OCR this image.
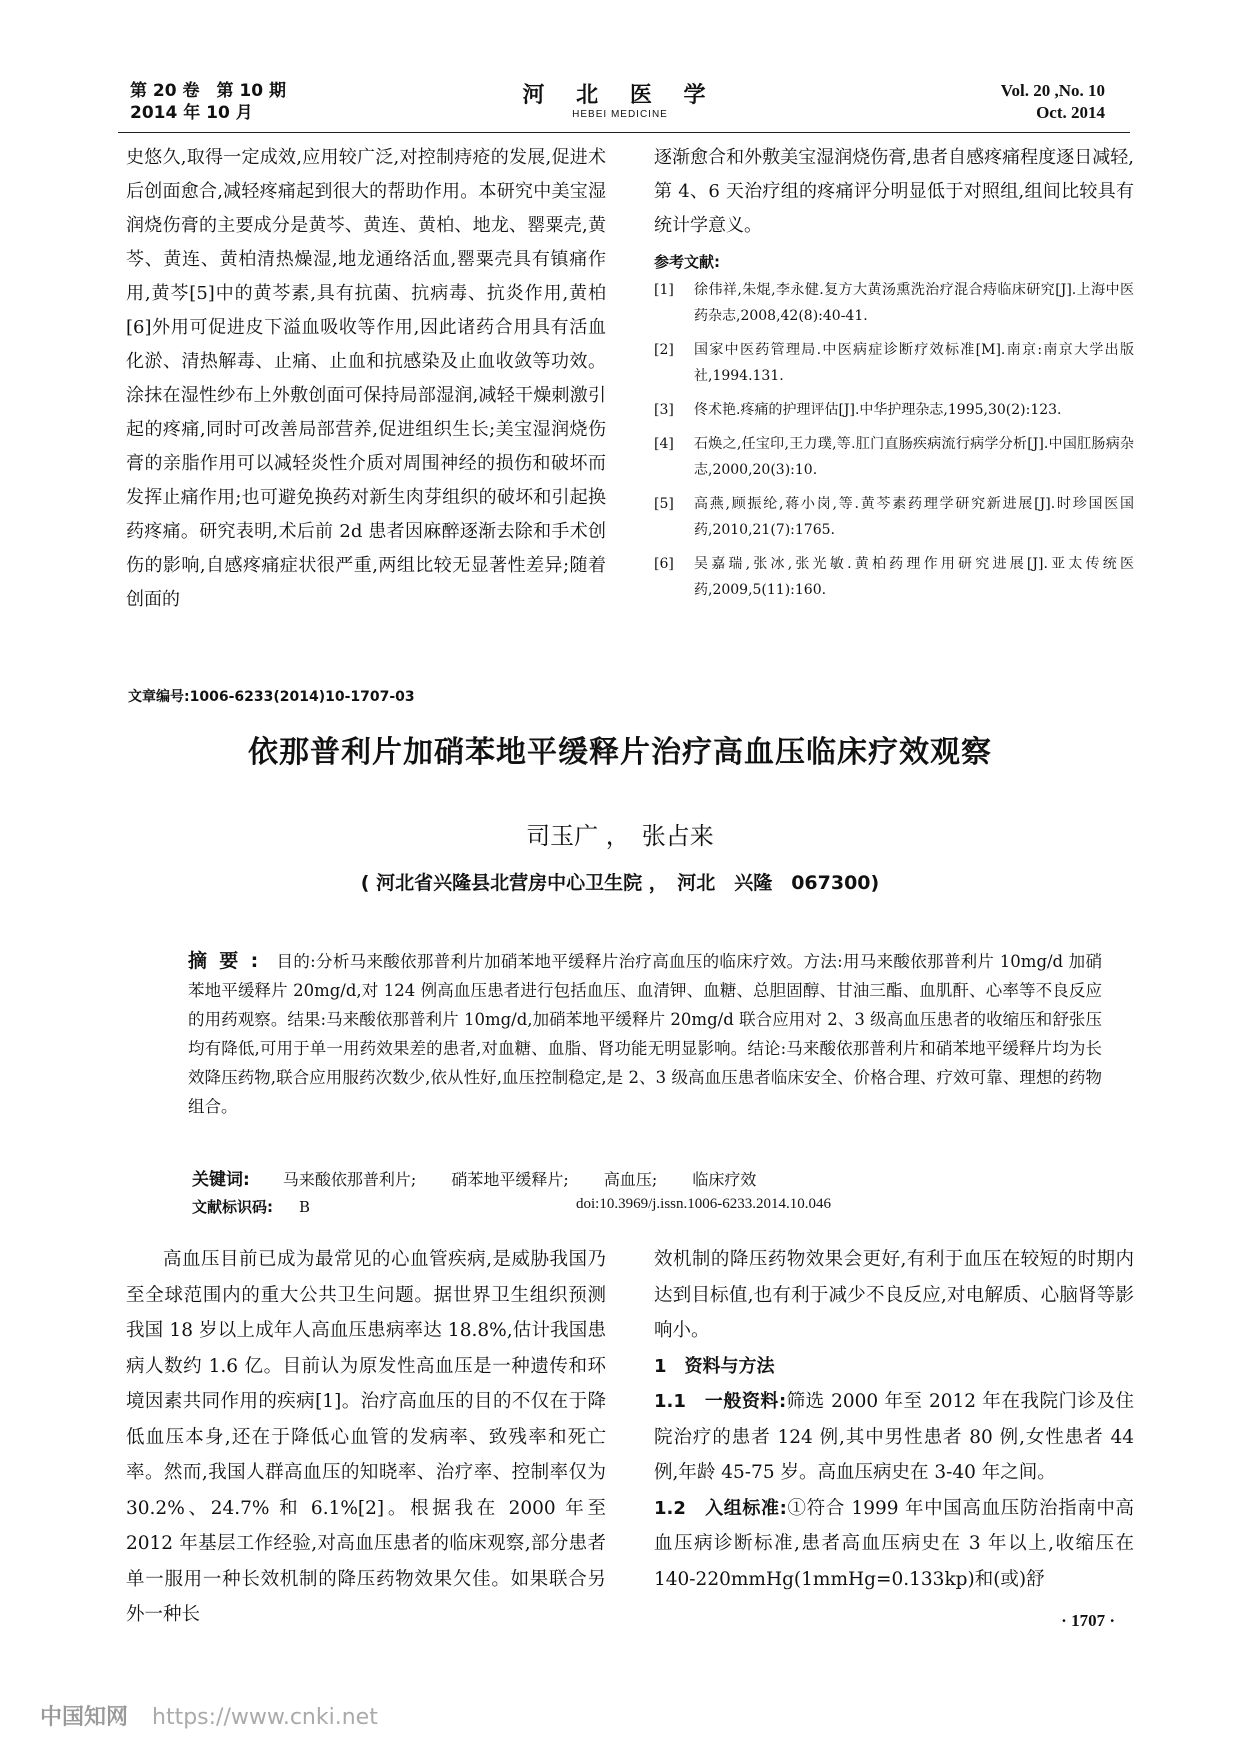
第 20 卷　第 10 期
2014 年 10 月
河 北 医 学
HEBEI MEDICINE
Vol. 20 ,No. 10
Oct. 2014

史悠久,取得一定成效,应用较广泛,对控制痔疮的发展,促进术后创面愈合,减轻疼痛起到很大的帮助作用。本研究中美宝湿润烧伤膏的主要成分是黄芩、黄连、黄柏、地龙、罂粟壳,黄芩、黄连、黄柏清热燥湿,地龙通络活血,罂粟壳具有镇痛作用,黄芩[5]中的黄芩素,具有抗菌、抗病毒、抗炎作用,黄柏[6]外用可促进皮下溢血吸收等作用,因此诸药合用具有活血化淤、清热解毒、止痛、止血和抗感染及止血收敛等功效。涂抹在湿性纱布上外敷创面可保持局部湿润,减轻干燥刺激引起的疼痛,同时可改善局部营养,促进组织生长;美宝湿润烧伤膏的亲脂作用可以减轻炎性介质对周围神经的损伤和破坏而发挥止痛作用;也可避免换药对新生肉芽组织的破坏和引起换药疼痛。研究表明,术后前 2d 患者因麻醉逐渐去除和手术创伤的影响,自感疼痛症状很严重,两组比较无显著性差异;随着创面的

逐渐愈合和外敷美宝湿润烧伤膏,患者自感疼痛程度逐日减轻,第 4、6 天治疗组的疼痛评分明显低于对照组,组间比较具有统计学意义。

参考文献:
[1]	徐伟祥,朱焜,李永健.复方大黄汤熏洗治疗混合痔临床研究[J].上海中医药杂志,2008,42(8):40-41.
[2]	国家中医药管理局.中医病症诊断疗效标准[M].南京:南京大学出版社,1994.131.
[3]	佟术艳.疼痛的护理评估[J].中华护理杂志,1995,30(2):123.
[4]	石焕之,任宝印,王力璞,等.肛门直肠疾病流行病学分析[J].中国肛肠病杂志,2000,20(3):10.
[5]	高燕,顾振纶,蒋小岗,等.黄芩素药理学研究新进展[J].时珍国医国药,2010,21(7):1765.
[6]	吴嘉瑞,张冰,张光敏.黄柏药理作用研究进展[J].亚太传统医药,2009,5(11):160.
文章编号:1006-6233(2014)10-1707-03
依那普利片加硝苯地平缓释片治疗高血压临床疗效观察
司玉广 ，　张占来
( 河北省兴隆县北营房中心卫生院 ，　河北　兴隆　067300)
摘要: 目的:分析马来酸依那普利片加硝苯地平缓释片治疗高血压的临床疗效。方法:用马来酸依那普利片 10mg/d 加硝苯地平缓释片 20mg/d,对 124 例高血压患者进行包括血压、血清钾、血糖、总胆固醇、甘油三酯、血肌酐、心率等不良反应的用药观察。结果:马来酸依那普利片 10mg/d,加硝苯地平缓释片 20mg/d 联合应用对 2、3 级高血压患者的收缩压和舒张压均有降低,可用于单一用药效果差的患者,对血糖、血脂、肾功能无明显影响。结论:马来酸依那普利片和硝苯地平缓释片均为长效降压药物,联合应用服药次数少,依从性好,血压控制稳定,是 2、3 级高血压患者临床安全、价格合理、疗效可靠、理想的药物组合。
关键词: 马来酸依那普利片; 硝苯地平缓释片; 高血压; 临床疗效
文献标识码: B	doi:10.3969/j.issn.1006-6233.2014.10.046

高血压目前已成为最常见的心血管疾病,是威胁我国乃至全球范围内的重大公共卫生问题。据世界卫生组织预测我国 18 岁以上成年人高血压患病率达 18.8%,估计我国患病人数约 1.6 亿。目前认为原发性高血压是一种遗传和环境因素共同作用的疾病[1]。治疗高血压的目的不仅在于降低血压本身,还在于降低心血管的发病率、致残率和死亡率。然而,我国人群高血压的知晓率、治疗率、控制率仅为 30.2%、24.7% 和 6.1%[2]。根据我在 2000 年至 2012 年基层工作经验,对高血压患者的临床观察,部分患者单一服用一种长效机制的降压药物效果欠佳。如果联合另外一种长

效机制的降压药物效果会更好,有利于血压在较短的时期内达到目标值,也有利于减少不良反应,对电解质、心脑肾等影响小。

1　资料与方法

1.1　一般资料:筛选 2000 年至 2012 年在我院门诊及住院治疗的患者 124 例,其中男性患者 80 例,女性患者 44 例,年龄 45-75 岁。高血压病史在 3-40 年之间。

1.2　入组标准:①符合 1999 年中国高血压防治指南中高血压病诊断标准,患者高血压病史在 3 年以上,收缩压在 140-220mmHg(1mmHg=0.133kp)和(或)舒

· 1707 ·
中国知网 https://www.cnki.net
